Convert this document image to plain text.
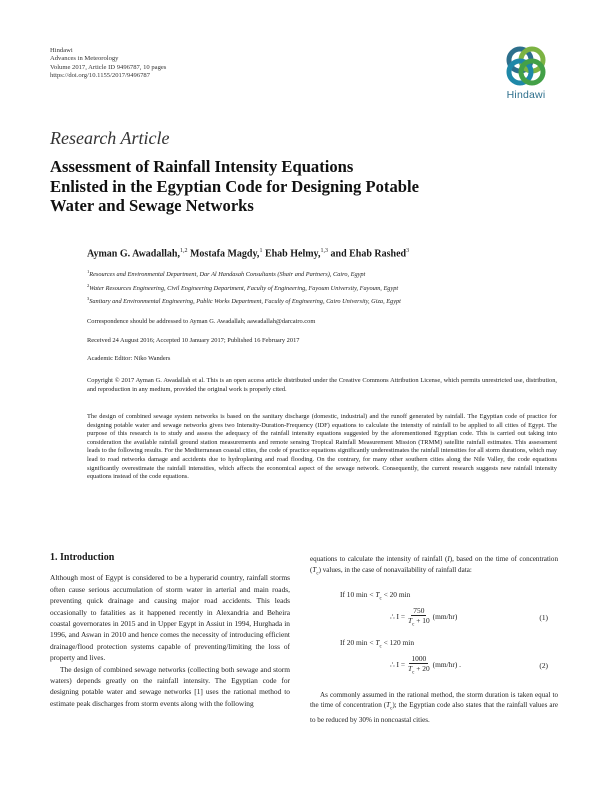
Hindawi
Advances in Meteorology
Volume 2017, Article ID 9496787, 10 pages
https://doi.org/10.1155/2017/9496787
Hindawi
Research Article
Assessment of Rainfall Intensity Equations
Enlisted in the Egyptian Code for Designing Potable
Water and Sewage Networks
Ayman G. Awadallah,$^{1,2}$ Mostafa Magdy,$^1$ Ehab Helmy,$^{1,3}$ and Ehab Rashed$^3$
$^1$Resources and Environmental Department, Dar Al Handasah Consultants (Shair and Partners), Cairo, Egypt
$^2$Water Resources Engineering, Civil Engineering Department, Faculty of Engineering, Fayoum University, Fayoum, Egypt
$^3$Sanitary and Environmental Engineering, Public Works Department, Faculty of Engineering, Cairo University, Giza, Egypt
Correspondence should be addressed to Ayman G. Awadallah; aawadallah@darcairo.com
Received 24 August 2016; Accepted 10 January 2017; Published 16 February 2017
Academic Editor: Niko Wanders
Copyright © 2017 Ayman G. Awadallah et al. This is an open access article distributed under the Creative Commons Attribution License, which permits unrestricted use, distribution, and reproduction in any medium, provided the original work is properly cited.
The design of combined sewage system networks is based on the sanitary discharge (domestic, industrial) and the runoff generated by rainfall. The Egyptian code of practice for designing potable water and sewage networks gives two Intensity-Duration-Frequency (IDF) equations to calculate the intensity of rainfall to be applied to all cities of Egypt. The purpose of this research is to study and assess the adequacy of the rainfall intensity equations suggested by the aforementioned Egyptian code. This is carried out taking into consideration the available rainfall ground station measurements and remote sensing Tropical Rainfall Measurement Mission (TRMM) satellite rainfall estimates. This assessment leads to the following results. For the Mediterranean coastal cities, the code of practice equations significantly underestimates the rainfall intensities for all storm durations, which may lead to road networks damage and accidents due to hydroplaning and road flooding. On the contrary, for many other southern cities along the Nile Valley, the code equations significantly overestimate the rainfall intensities, which affects the economical aspect of the sewage network. Consequently, the current research suggests new rainfall intensity equations instead of the code equations.
1. Introduction

Although most of Egypt is considered to be a hyperarid country, rainfall storms often cause serious accumulation of storm water in arterial and main roads, preventing quick drainage and causing major road accidents. This leads occasionally to fatalities as it happened recently in Alexandria and Beheira coastal governorates in 2015 and in Upper Egypt in Assiut in 1994, Hurghada in 1996, and Aswan in 2010 and hence comes the necessity of introducing efficient drainage/flood protection systems capable of preventing/limiting the loss of property and lives.

The design of combined sewage networks (collecting both sewage and storm waters) depends greatly on the rainfall intensity. The Egyptian code for designing potable water and sewage networks [1] uses the rational method to estimate peak discharges from storm events along with the following

equations to calculate the intensity of rainfall (I), based on the time of concentration $(T_c)$ values, in the case of nonavailability of rainfall data:

If 10 $\min < T_c < 20$ min
∴ $I = \frac{750}{T_c + 10} (mm/hr)$	(1)
If 20 $\min < T_c < 120$ min
∴ $I = \frac{1000}{T_c + 20} (mm/hr)$ .	(2)

As commonly assumed in the rational method, the storm duration is taken equal to the time of concentration $(T_c)$; the Egyptian code also states that the rainfall values are to be reduced by 30% in noncoastal cities.
